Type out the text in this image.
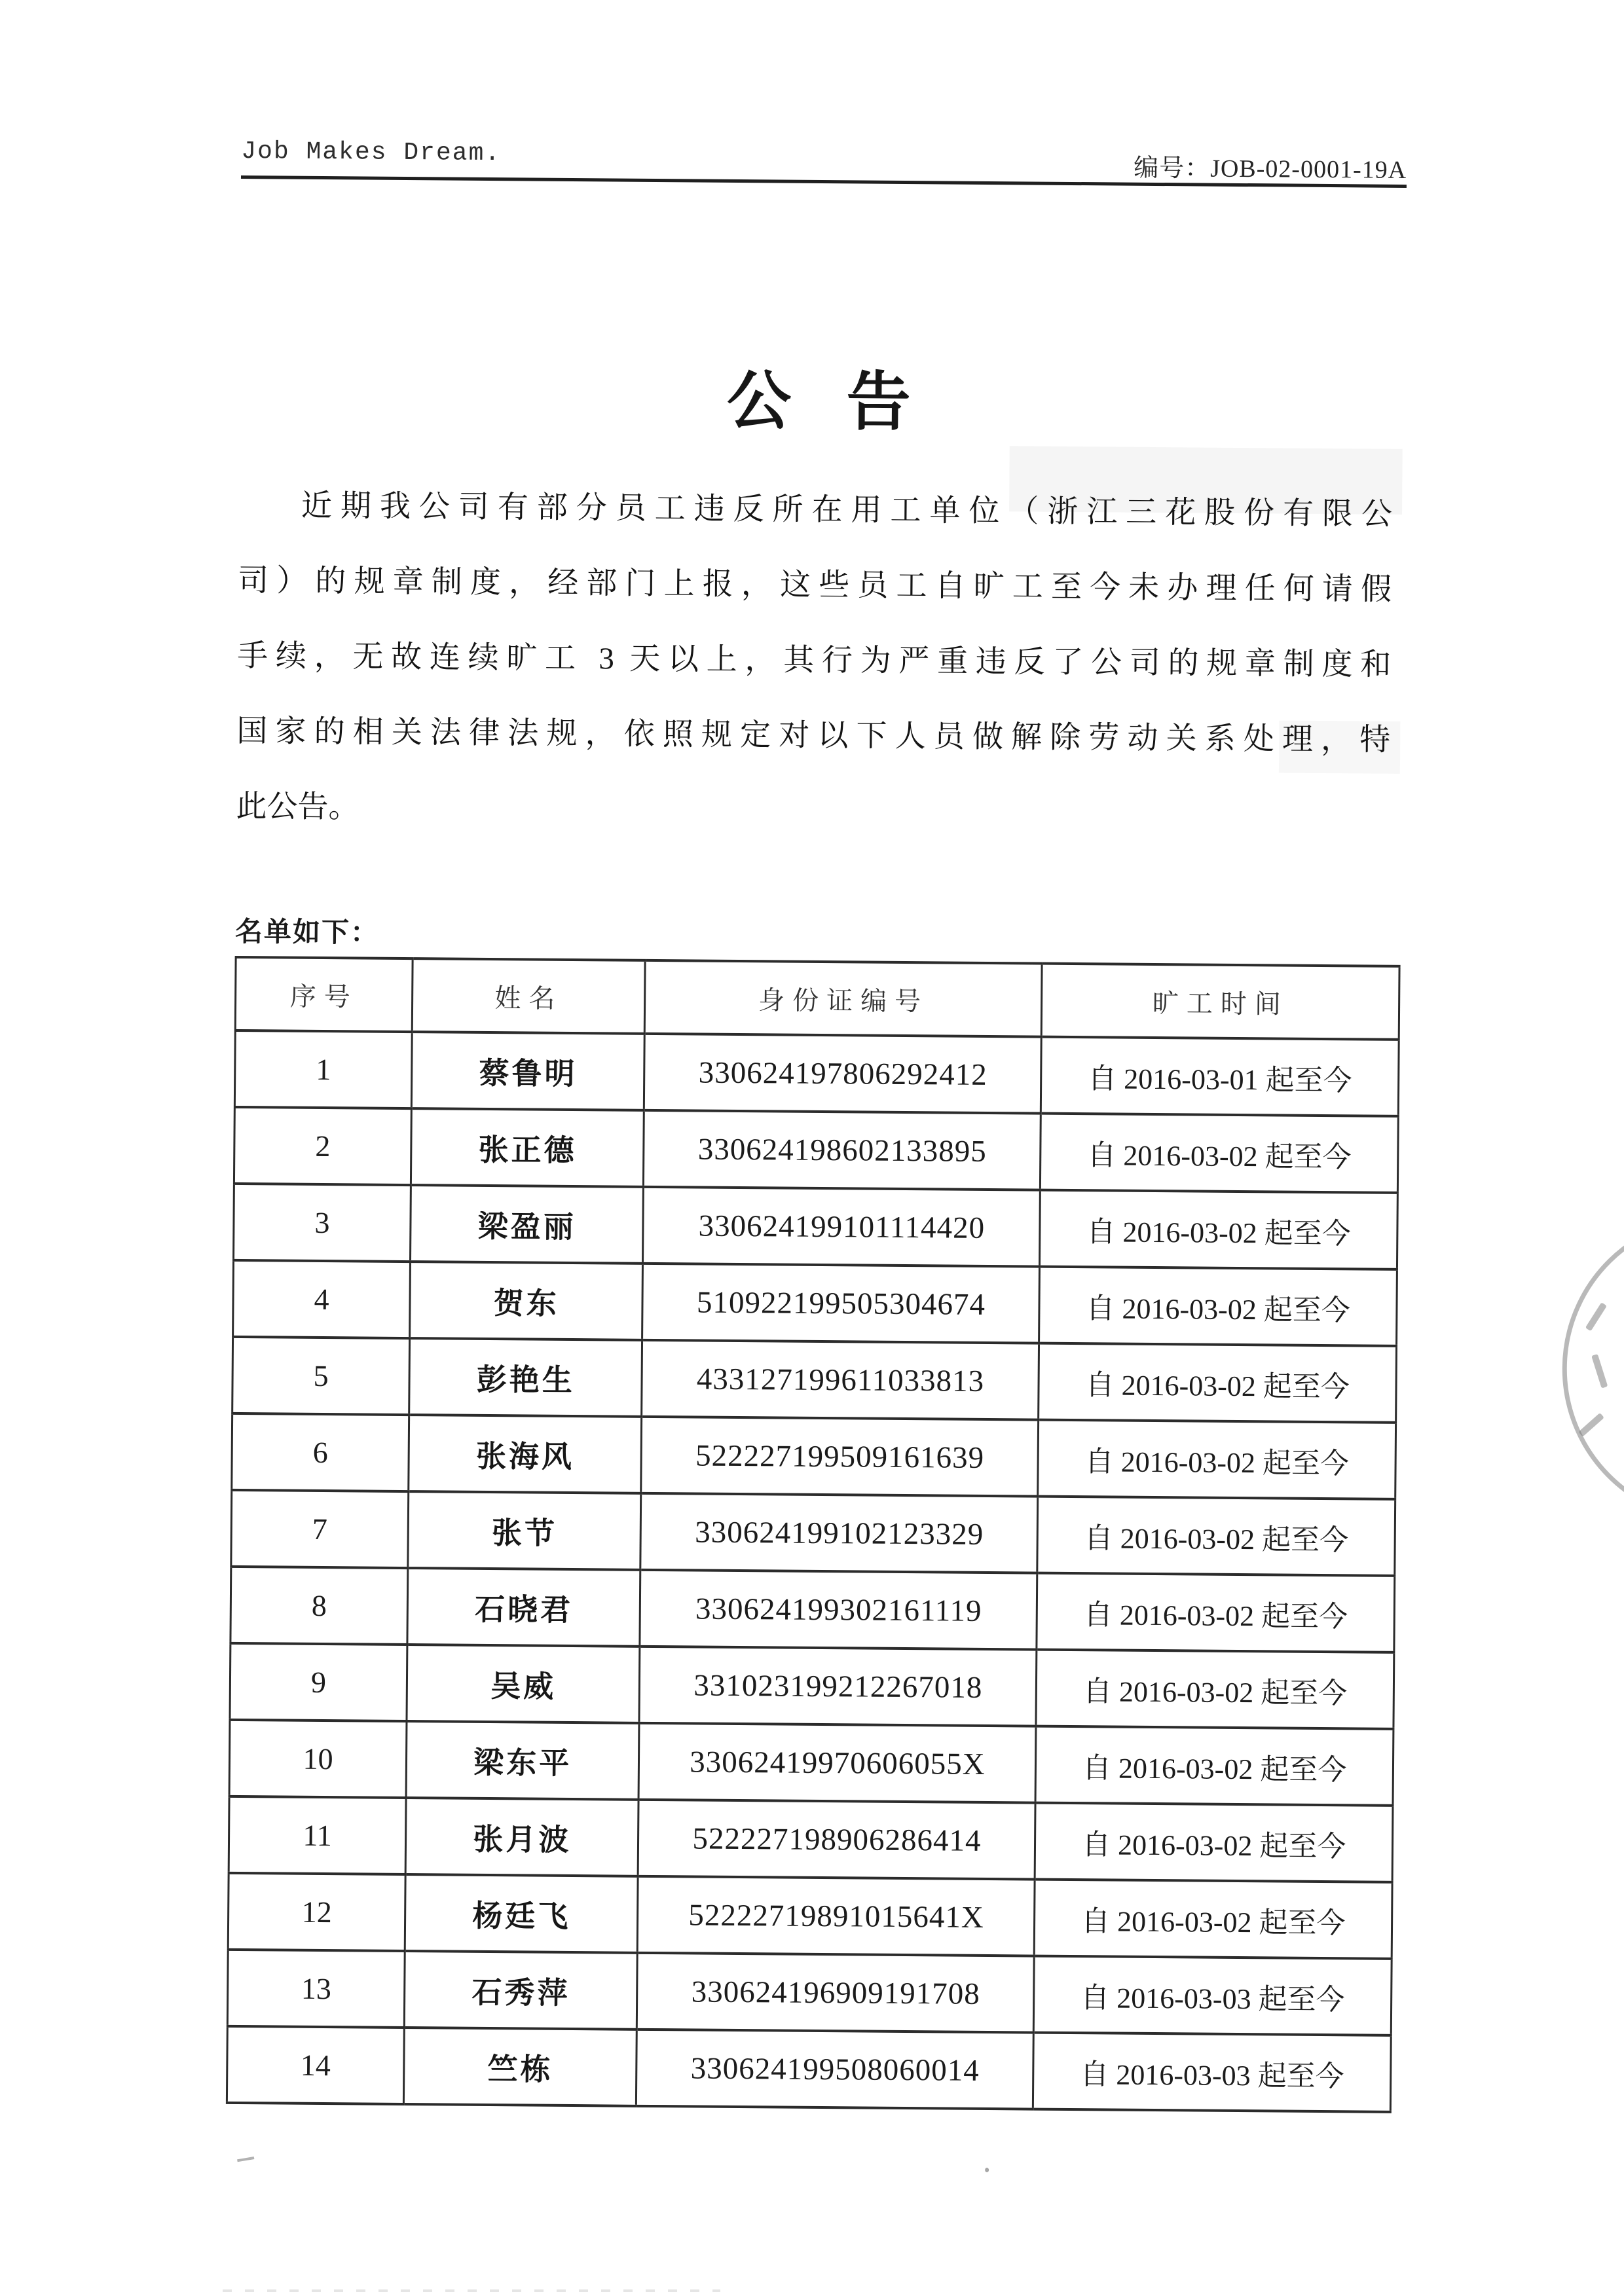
Job Makes Dream.
编号：JOB-02-0001-19A
公 告

近期我公司有部分员工违反所在用工单位（浙江三花股份有限公

司）的规章制度，经部门上报，这些员工自旷工至今未办理任何请假

手续，无故连续旷工 3 天以上，其行为严重违反了公司的规章制度和

国家的相关法律法规，依照规定对以下人员做解除劳动关系处理，特

此公告。

名单如下：
序号	姓名	身份证编号	旷工时间
1	蔡鲁明	330624197806292412	自 2016-03-01 起至今
2	张正德	330624198602133895	自 2016-03-02 起至今
3	梁盈丽	330624199101114420	自 2016-03-02 起至今
4	贺东	510922199505304674	自 2016-03-02 起至今
5	彭艳生	433127199611033813	自 2016-03-02 起至今
6	张海风	522227199509161639	自 2016-03-02 起至今
7	张节	330624199102123329	自 2016-03-02 起至今
8	石晓君	330624199302161119	自 2016-03-02 起至今
9	吴威	331023199212267018	自 2016-03-02 起至今
10	梁东平	33062419970606055X	自 2016-03-02 起至今
11	张月波	522227198906286414	自 2016-03-02 起至今
12	杨廷飞	52222719891015641X	自 2016-03-02 起至今
13	石秀萍	330624196909191708	自 2016-03-03 起至今
14	竺栋	330624199508060014	自 2016-03-03 起至今
